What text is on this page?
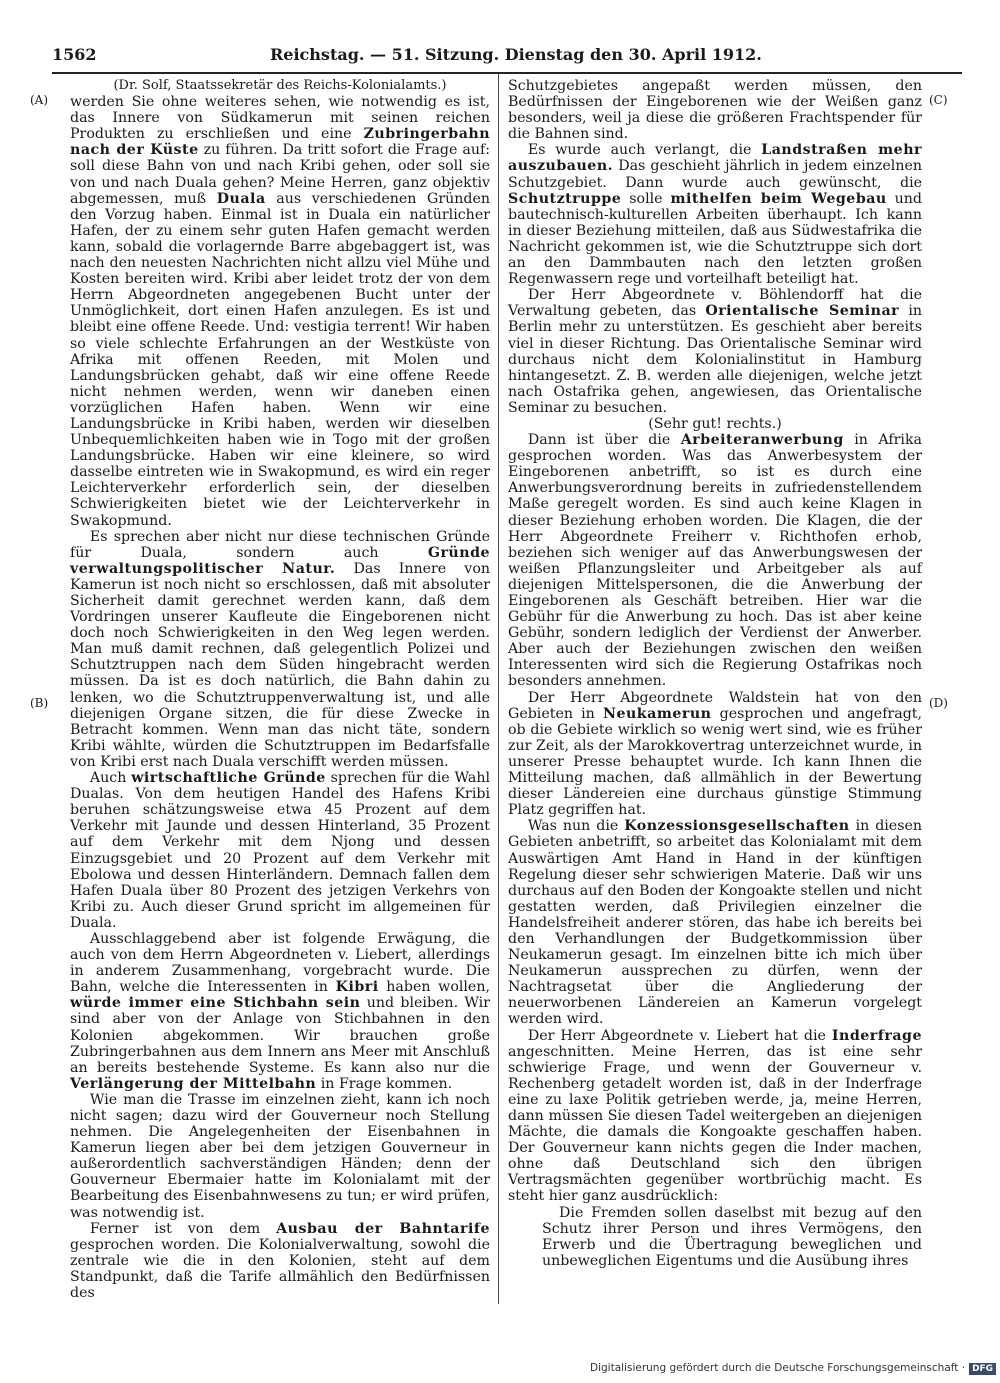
1562	Reichstag. — 51. Sitzung. Dienstag den 30. April 1912.
(A)
(B)
(C)
(D)

(Dr. Solf, Staatssekretär des Reichs-Kolonialamts.)

werden Sie ohne weiteres sehen, wie notwendig es ist, das Innere von Südkamerun mit seinen reichen Produkten zu erschließen und eine Zubringerbahn nach der Küste zu führen. Da tritt sofort die Frage auf: soll diese Bahn von und nach Kribi gehen, oder soll sie von und nach Duala gehen? Meine Herren, ganz objektiv abgemessen, muß Duala aus verschiedenen Gründen den Vorzug haben. Einmal ist in Duala ein natürlicher Hafen, der zu einem sehr guten Hafen gemacht werden kann, sobald die vorlagernde Barre abgebaggert ist, was nach den neuesten Nachrichten nicht allzu viel Mühe und Kosten bereiten wird. Kribi aber leidet trotz der von dem Herrn Abgeordneten angegebenen Bucht unter der Unmöglichkeit, dort einen Hafen anzulegen. Es ist und bleibt eine offene Reede. Und: vestigia terrent! Wir haben so viele schlechte Erfahrungen an der Westküste von Afrika mit offenen Reeden, mit Molen und Landungsbrücken gehabt, daß wir eine offene Reede nicht nehmen werden, wenn wir daneben einen vorzüglichen Hafen haben. Wenn wir eine Landungsbrücke in Kribi haben, werden wir dieselben Unbequemlichkeiten haben wie in Togo mit der großen Landungsbrücke. Haben wir eine kleinere, so wird dasselbe eintreten wie in Swakopmund, es wird ein reger Leichterverkehr erforderlich sein, der dieselben Schwierigkeiten bietet wie der Leichterverkehr in Swakopmund.

Es sprechen aber nicht nur diese technischen Gründe für Duala, sondern auch	Gründe verwaltungspolitischer Natur. Das Innere von Kamerun ist noch nicht so erschlossen, daß mit absoluter Sicherheit damit gerechnet werden kann, daß dem Vordringen unserer Kaufleute die Eingeborenen nicht doch noch Schwierigkeiten in den Weg legen werden. Man muß damit rechnen, daß gelegentlich Polizei und Schutztruppen nach dem Süden hingebracht werden müssen. Da ist es doch natürlich, die Bahn dahin zu lenken, wo die Schutztruppenverwaltung ist, und alle diejenigen Organe sitzen, die für diese Zwecke in Betracht kommen. Wenn man das nicht täte, sondern Kribi wählte, würden die Schutztruppen im Bedarfsfalle von Kribi erst nach Duala verschifft werden müssen.

Auch wirtschaftliche Gründe sprechen für die Wahl Dualas. Von dem heutigen Handel des Hafens Kribi beruhen schätzungsweise etwa 45 Prozent auf dem Verkehr mit Jaunde und dessen Hinterland, 35 Prozent auf dem Verkehr mit dem Njong und dessen Einzugsgebiet und 20 Prozent auf dem Verkehr mit Ebolowa und dessen Hinterländern. Demnach fallen dem Hafen Duala über 80 Prozent des jetzigen Verkehrs von Kribi zu. Auch dieser Grund spricht im allgemeinen für Duala.

Ausschlaggebend aber ist folgende Erwägung, die auch von dem Herrn Abgeordneten v. Liebert, allerdings in anderem Zusammenhang, vorgebracht wurde. Die Bahn, welche die Interessenten in Kibri haben wollen, würde immer eine Stichbahn sein und bleiben. Wir sind aber von der Anlage von Stichbahnen in den Kolonien abgekommen. Wir brauchen große Zubringerbahnen aus dem Innern ans Meer mit Anschluß an bereits bestehende Systeme. Es kann also nur die Verlängerung der Mittelbahn in Frage kommen.

Wie man die Trasse im einzelnen zieht, kann ich noch nicht sagen; dazu wird der Gouverneur noch Stellung nehmen. Die Angelegenheiten der Eisenbahnen in Kamerun liegen aber bei dem jetzigen Gouverneur in außerordentlich sachverständigen Händen; denn der Gouverneur Ebermaier hatte im Kolonialamt mit der Bearbeitung des Eisenbahnwesens zu tun; er wird prüfen, was notwendig ist.

Ferner ist von dem Ausbau der Bahntarife gesprochen worden. Die Kolonialverwaltung, sowohl die zentrale wie die in den Kolonien, steht auf dem Standpunkt, daß die Tarife allmählich den Bedürfnissen des

Schutzgebietes angepaßt werden müssen, den Bedürfnissen der Eingeborenen wie der Weißen ganz besonders, weil ja diese die größeren Frachtspender für die Bahnen sind.

Es wurde auch verlangt, die Landstraßen mehr auszubauen. Das geschieht jährlich in jedem einzelnen Schutzgebiet. Dann wurde auch gewünscht, die Schutztruppe solle mithelfen beim Wegebau und bautechnisch-kulturellen Arbeiten überhaupt. Ich kann in dieser Beziehung mitteilen, daß aus Südwestafrika die Nachricht gekommen ist, wie die Schutztruppe sich dort an den Dammbauten nach den letzten großen Regenwassern rege und vorteilhaft beteiligt hat.

Der Herr Abgeordnete v. Böhlendorff hat die Verwaltung gebeten, das Orientalische Seminar in Berlin mehr zu unterstützen. Es geschieht aber bereits viel in dieser Richtung. Das Orientalische Seminar wird durchaus nicht dem Kolonialinstitut in Hamburg hintangesetzt. Z. B. werden alle diejenigen, welche jetzt nach Ostafrika gehen, angewiesen, das Orientalische Seminar zu besuchen.

(Sehr gut! rechts.)

Dann ist über die Arbeiteranwerbung in Afrika gesprochen worden. Was das Anwerbesystem der Eingeborenen anbetrifft, so ist es durch eine Anwerbungsverordnung bereits in zufriedenstellendem Maße geregelt worden. Es sind auch keine Klagen in dieser Beziehung erhoben worden. Die Klagen, die der Herr Abgeordnete Freiherr v. Richthofen erhob, beziehen sich weniger auf das Anwerbungswesen der weißen Pflanzungsleiter und Arbeitgeber als auf diejenigen Mittelspersonen, die die Anwerbung der Eingeborenen als Geschäft betreiben. Hier war die Gebühr für die Anwerbung zu hoch. Das ist aber keine Gebühr, sondern lediglich der Verdienst der Anwerber. Aber auch der Beziehungen zwischen den weißen Interessenten wird sich die Regierung Ostafrikas noch besonders annehmen.

Der Herr Abgeordnete Waldstein hat von den Gebieten in Neukamerun gesprochen und angefragt, ob die Gebiete wirklich so wenig wert sind, wie es früher zur Zeit, als der Marokkovertrag unterzeichnet wurde, in unserer Presse behauptet wurde. Ich kann Ihnen die Mitteilung machen, daß allmählich in der Bewertung dieser Ländereien eine durchaus günstige Stimmung Platz gegriffen hat.

Was nun die Konzessionsgesellschaften in diesen Gebieten anbetrifft, so arbeitet das Kolonialamt mit dem Auswärtigen Amt Hand in Hand in der künftigen Regelung dieser sehr schwierigen Materie. Daß wir uns durchaus auf den Boden der Kongoakte stellen und nicht gestatten werden, daß Privilegien einzelner die Handelsfreiheit anderer stören, das habe ich bereits bei den Verhandlungen der Budgetkommission über Neukamerun gesagt. Im einzelnen bitte ich mich über Neukamerun aussprechen zu dürfen, wenn der Nachtragsetat über die Angliederung der neuerworbenen Ländereien an Kamerun vorgelegt werden wird.

Der Herr Abgeordnete v. Liebert hat die Inderfrage angeschnitten. Meine Herren, das ist eine sehr schwierige Frage, und wenn der Gouverneur v. Rechenberg getadelt worden ist, daß in der Inderfrage eine zu laxe Politik getrieben werde, ja, meine Herren, dann müssen Sie diesen Tadel weitergeben an diejenigen Mächte, die damals die Kongoakte geschaffen haben. Der Gouverneur kann nichts gegen die Inder machen, ohne daß Deutschland sich den übrigen Vertragsmächten gegenüber wortbrüchig macht. Es steht hier ganz ausdrücklich:

Die Fremden sollen daselbst mit bezug auf den Schutz ihrer Person und ihres Vermögens, den Erwerb und die Übertragung beweglichen und unbeweglichen Eigentums und die Ausübung ihres

Digitalisierung gefördert durch die Deutsche Forschungsgemeinschaft · DFG
